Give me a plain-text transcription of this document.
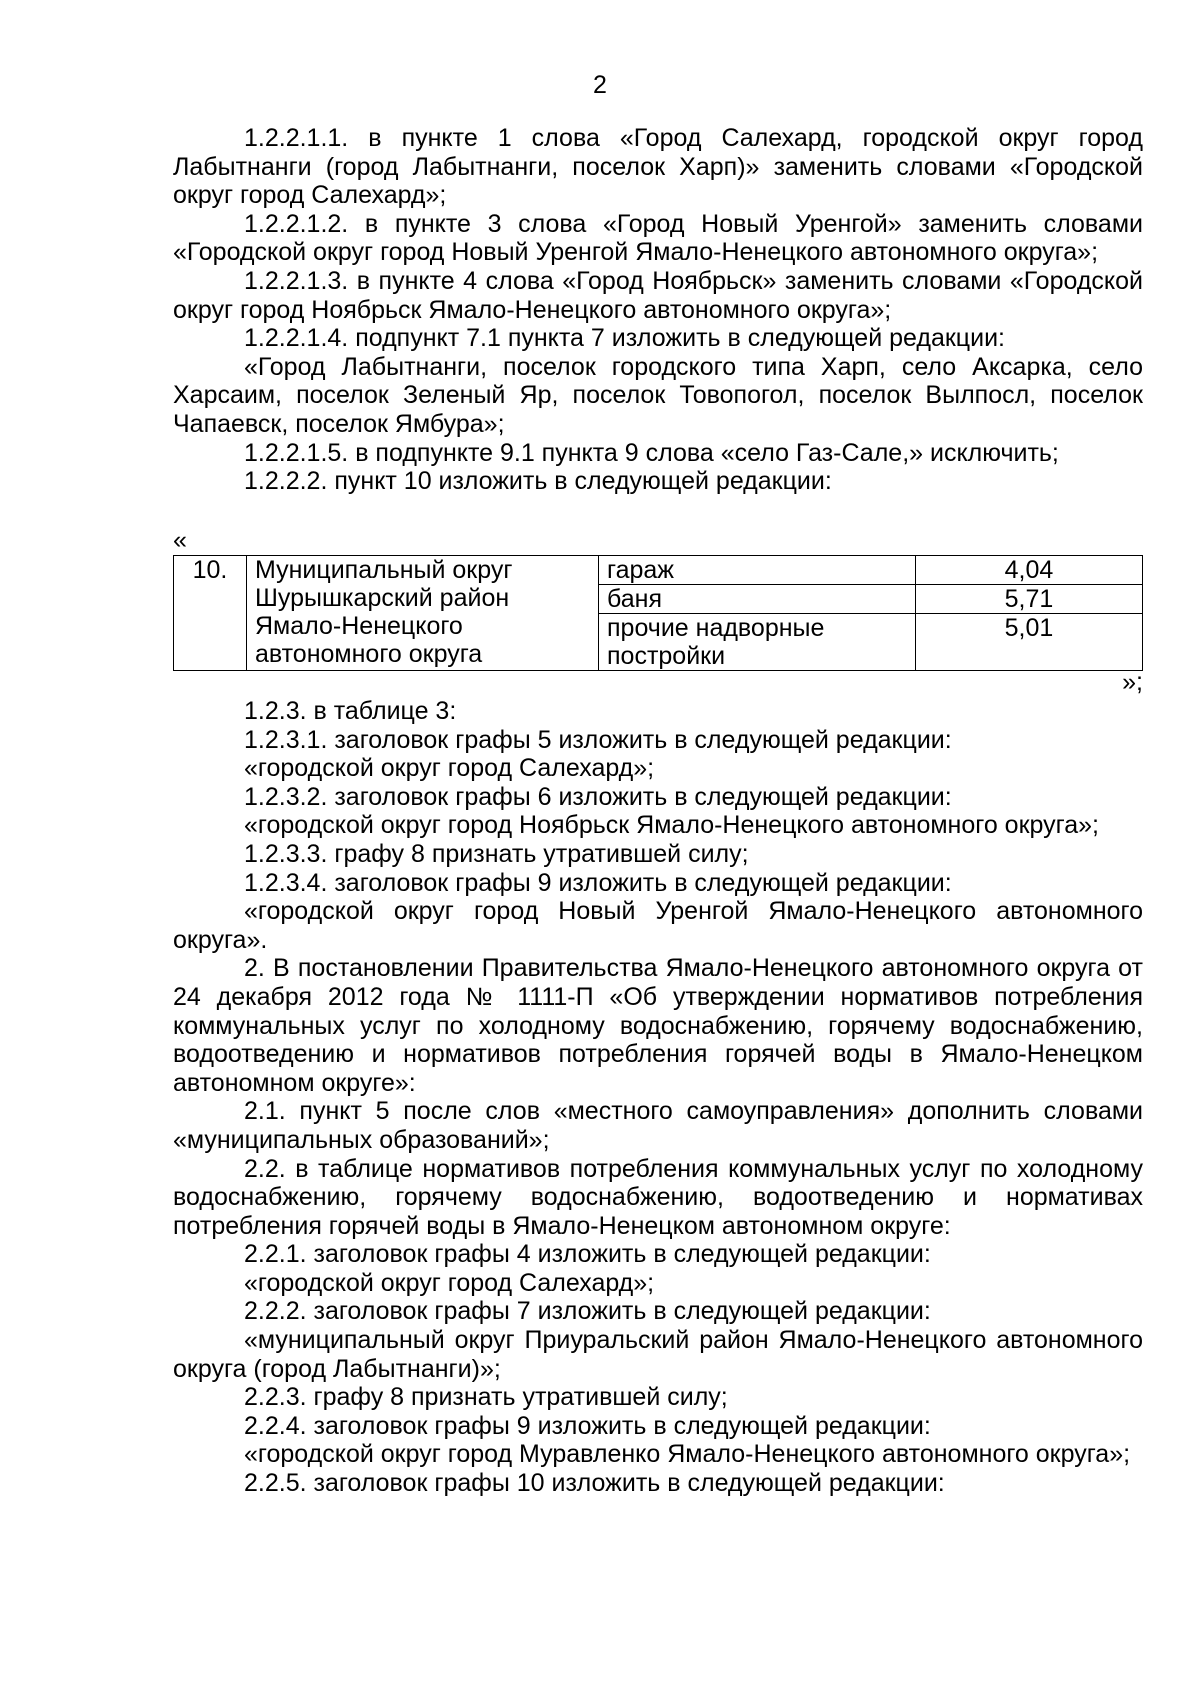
2

1.2.2.1.1. в пункте 1 слова «Город Салехард, городской округ город Лабытнанги (город Лабытнанги, поселок Харп)» заменить словами «Городской округ город Салехард»;

1.2.2.1.2. в пункте 3 слова «Город Новый Уренгой» заменить словами «Городской округ город Новый Уренгой Ямало-Ненецкого автономного округа»;

1.2.2.1.3. в пункте 4 слова «Город Ноябрьск» заменить словами «Городской округ город Ноябрьск Ямало-Ненецкого автономного округа»;

1.2.2.1.4. подпункт 7.1 пункта 7 изложить в следующей редакции:

«Город Лабытнанги, поселок городского типа Харп, село Аксарка, село Харсаим, поселок Зеленый Яр, поселок Товопогол, поселок Вылпосл, поселок Чапаевск, поселок Ямбура»;

1.2.2.1.5. в подпункте 9.1 пункта 9 слова «село Газ-Сале,» исключить;

1.2.2.2. пункт 10 изложить в следующей редакции:

«
10.	Муниципальный округ Шурышкарский район Ямало-Ненецкого автономного округа	гараж	4,04
		баня	5,71
		прочие надворные постройки	5,01
»;

1.2.3. в таблице 3:

1.2.3.1. заголовок графы 5 изложить в следующей редакции:

«городской округ город Салехард»;

1.2.3.2. заголовок графы 6 изложить в следующей редакции:

«городской округ город Ноябрьск Ямало-Ненецкого автономного округа»;

1.2.3.3. графу 8 признать утратившей силу;

1.2.3.4. заголовок графы 9 изложить в следующей редакции:

«городской округ город Новый Уренгой Ямало-Ненецкого автономного округа».

2. В постановлении Правительства Ямало-Ненецкого автономного округа от 24 декабря 2012 года № 1111-П «Об утверждении нормативов потребления коммунальных услуг по холодному водоснабжению, горячему водоснабжению, водоотведению и нормативов потребления горячей воды в Ямало-Ненецком автономном округе»:

2.1. пункт 5 после слов «местного самоуправления» дополнить словами «муниципальных образований»;

2.2. в таблице нормативов потребления коммунальных услуг по холодному водоснабжению, горячему водоснабжению, водоотведению и нормативах потребления горячей воды в Ямало-Ненецком автономном округе:

2.2.1. заголовок графы 4 изложить в следующей редакции:

«городской округ город Салехард»;

2.2.2. заголовок графы 7 изложить в следующей редакции:

«муниципальный округ Приуральский район Ямало-Ненецкого автономного округа (город Лабытнанги)»;

2.2.3. графу 8 признать утратившей силу;

2.2.4. заголовок графы 9 изложить в следующей редакции:

«городской округ город Муравленко Ямало-Ненецкого автономного округа»;

2.2.5. заголовок графы 10 изложить в следующей редакции:
